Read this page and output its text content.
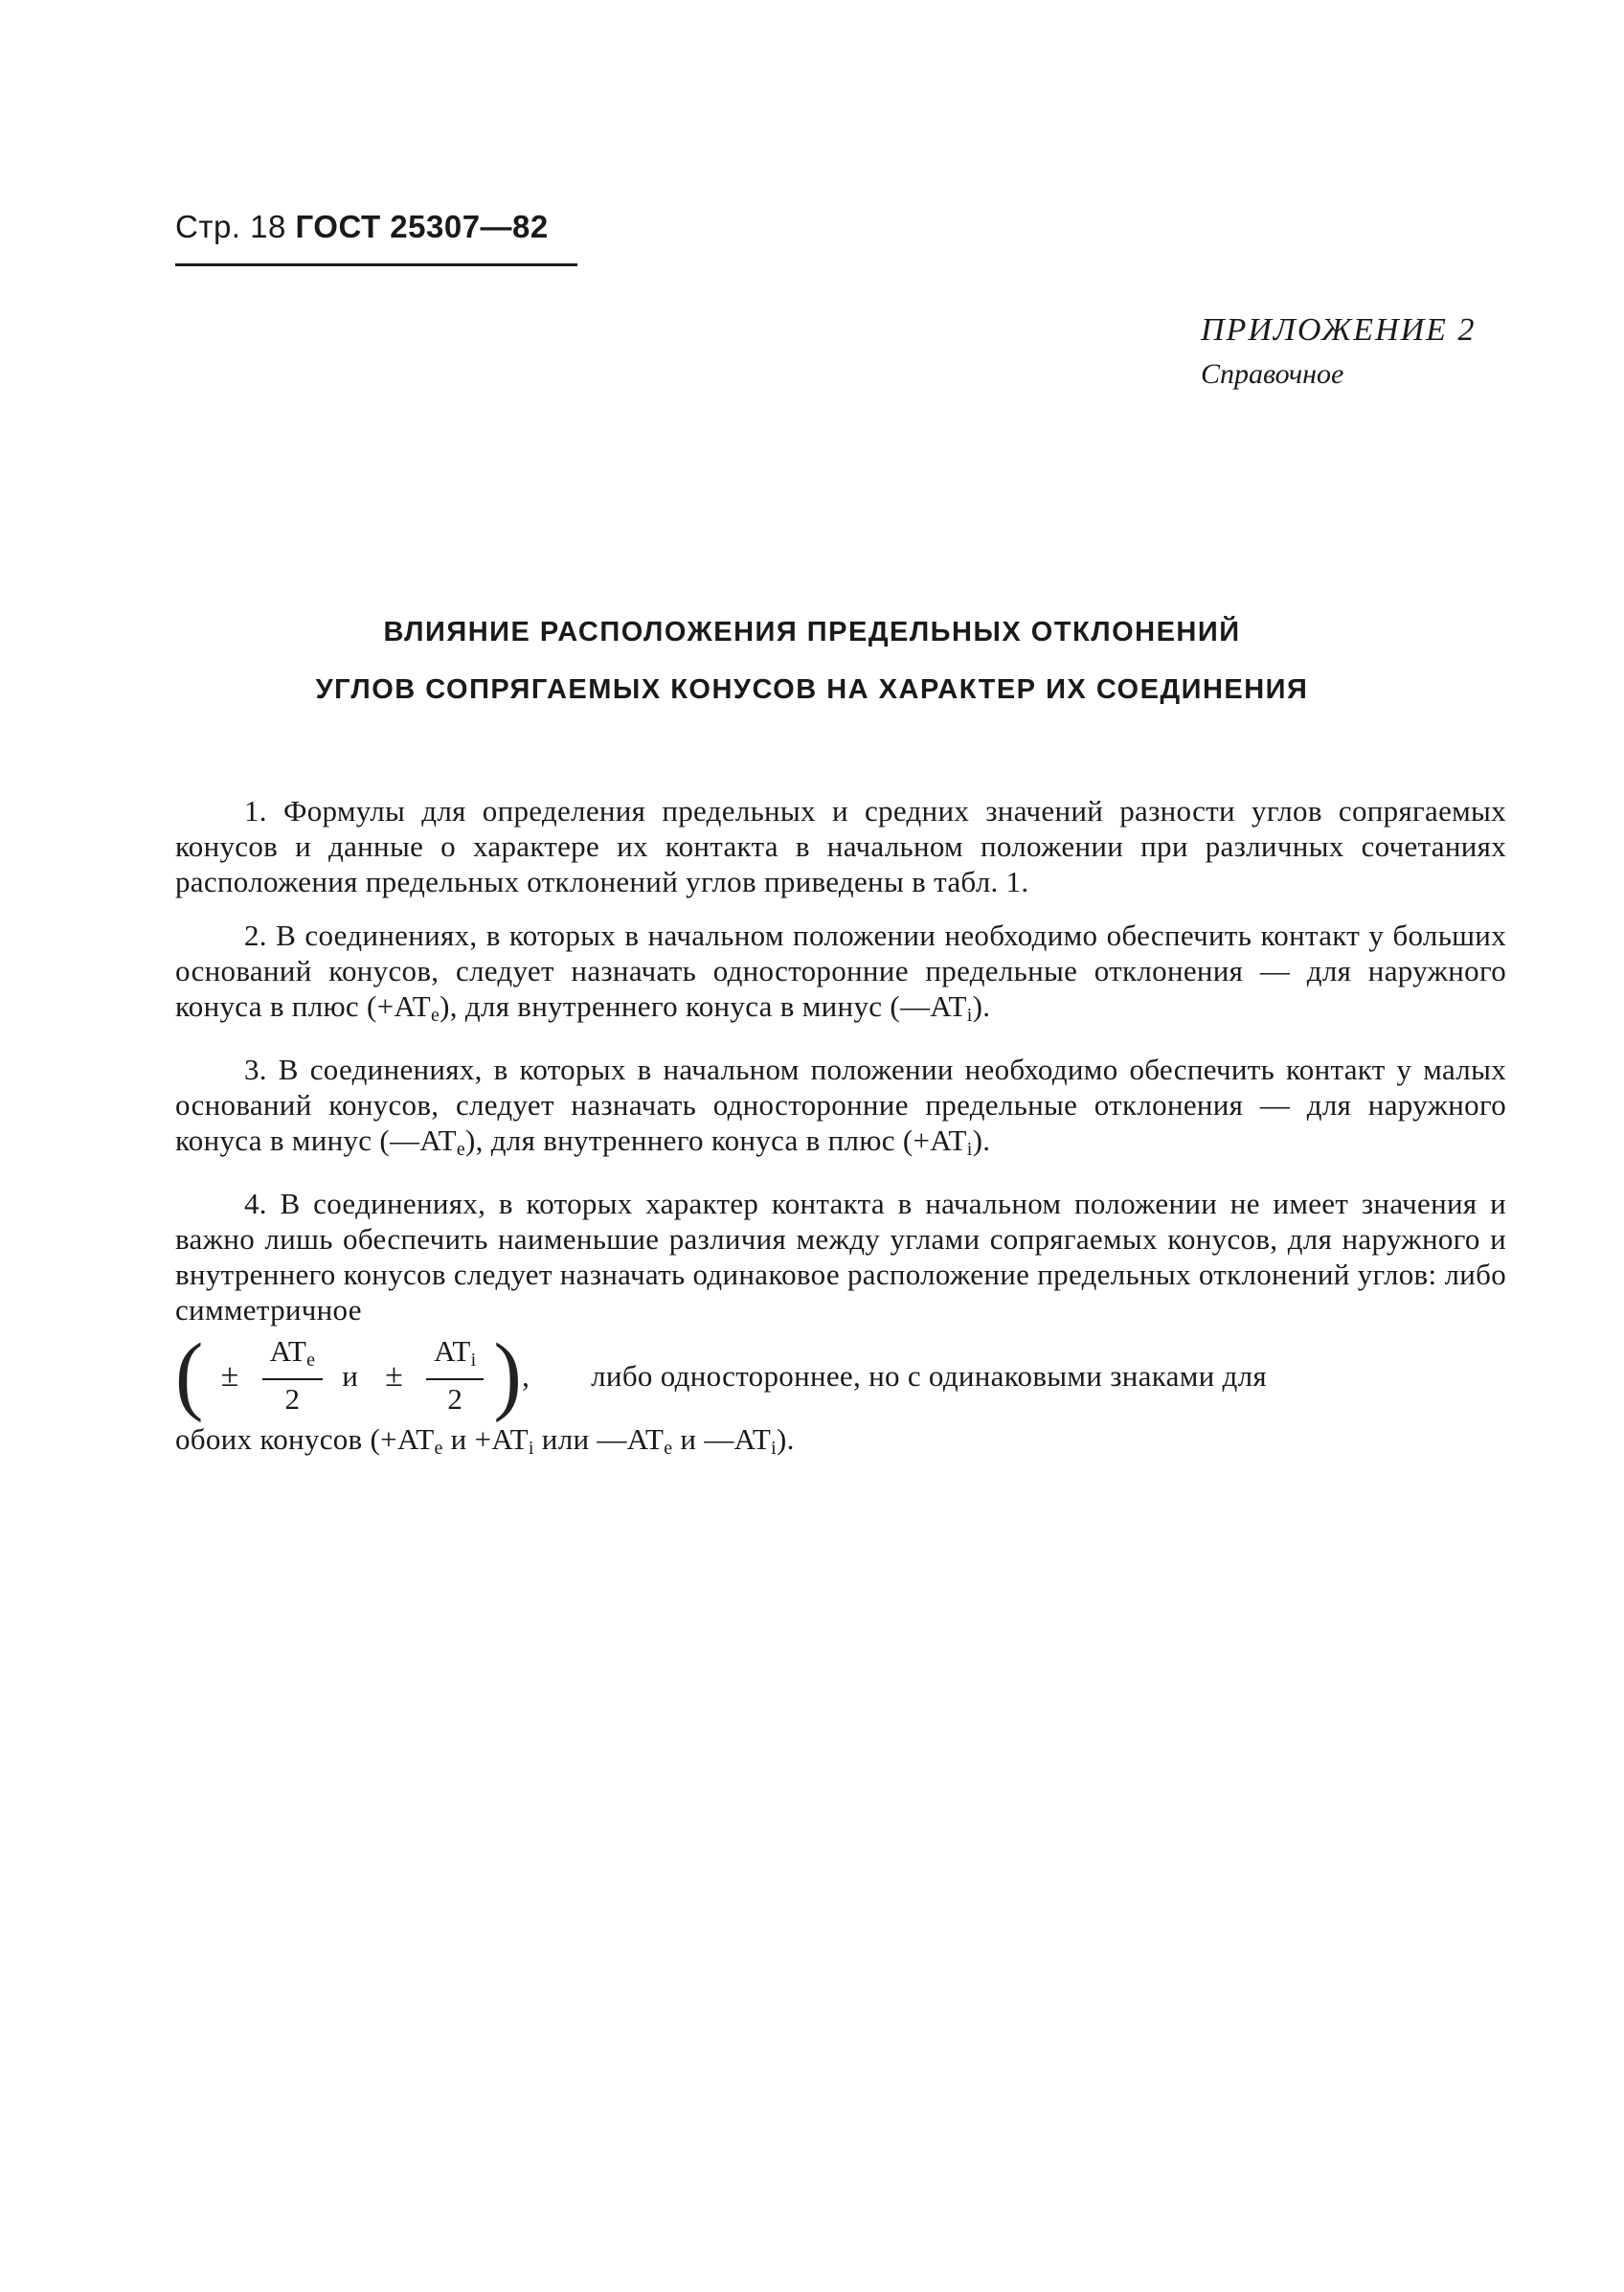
Стр. 18 ГОСТ 25307—82
ПРИЛОЖЕНИЕ 2
Справочное
ВЛИЯНИЕ РАСПОЛОЖЕНИЯ ПРЕДЕЛЬНЫХ ОТКЛОНЕНИЙ
УГЛОВ СОПРЯГАЕМЫХ КОНУСОВ НА ХАРАКТЕР ИХ СОЕДИНЕНИЯ

1. Формулы для определения предельных и средних значений разности углов сопрягаемых конусов и данные о характере их контакта в начальном положении при различных сочетаниях расположения предельных отклонений углов приведены в табл. 1.

2. В соединениях, в которых в начальном положении необходимо обеспечить контакт у больших оснований конусов, следует назначать односторонние предельные отклонения — для наружного конуса в плюс $(+AT_e)$, для внутреннего конуса в минус $(—AT_i)$.

3. В соединениях, в которых в начальном положении необходимо обеспечить контакт у малых оснований конусов, следует назначать односторонние предельные отклонения — для наружного конуса в минус $(—AT_e)$, для внутреннего конуса в плюс $(+AT_i)$.

4. В соединениях, в которых характер контакта в начальном положении не имеет значения и важно лишь обеспечить наименьшие различия между углами сопрягаемых конусов, для наружного и внутреннего конусов следует назначать одинаковое расположение предельных отклонений углов: либо симметричное

( ± $\frac{AT_e}{2}$ $и \pm \frac{AT_i}{2}$ ) , либо одностороннее, но с одинаковыми знаками для
обоих конусов ($+AT_e$ $и +AT_i$ или $—AT_e$ и $—AT_i$).
